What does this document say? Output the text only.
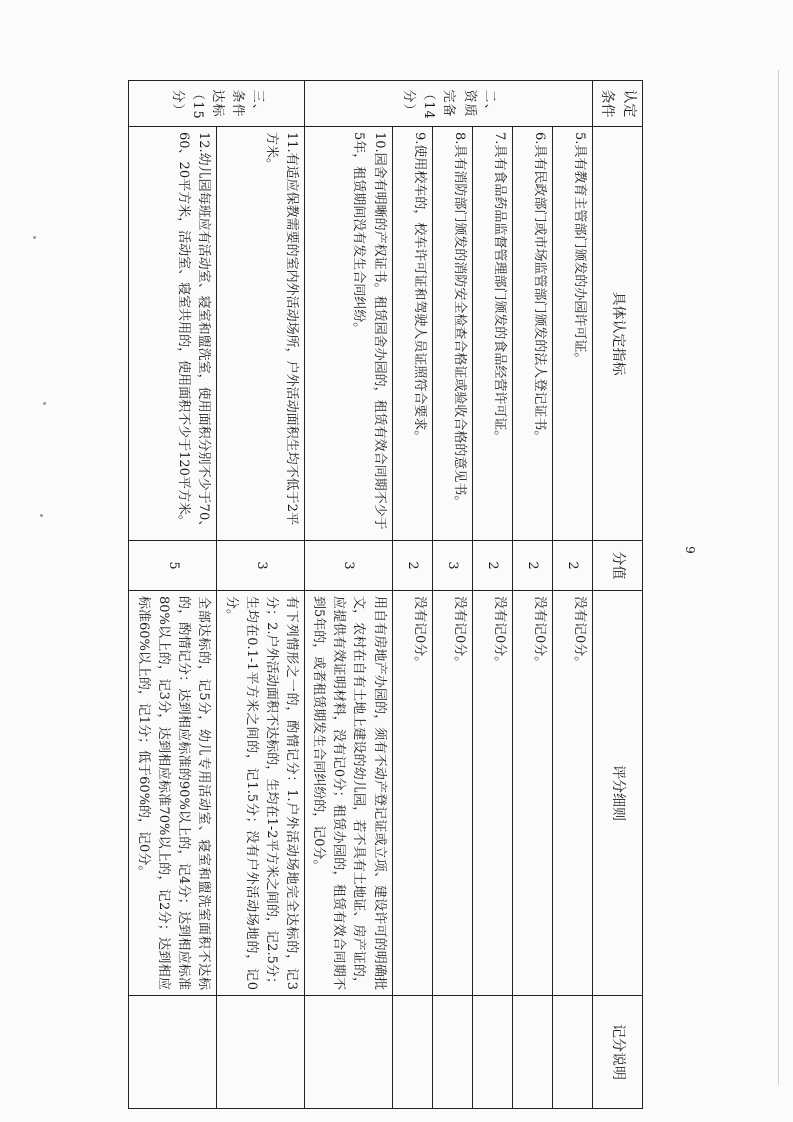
9
认定条件	具体认定指标	分值	评分细则	记分说明
二、资质完备（14分）	5.具有教育主管部门颁发的办园许可证。	2	没有记0分。	
	6.具有民政部门或市场监管部门颁发的法人登记证书。	2	没有记0分。	
	7.具有食品药品监督管理部门颁发的食品经营许可证。	2	没有记0分。	
	8.具有消防部门颁发的消防安全检查合格证或验收合格的意见书。	3	没有记0分。	
	9.使用校车的，校车许可证和驾驶人员证照符合要求。	2	没有记0分。	
	10.园舍有明晰的产权证书。租赁园舍办园的，租赁有效合同期不少于5年，租赁期间没有发生合同纠纷。	3	用自有房地产办园的，须有不动产登记证或立项、建设许可的明确批文，农村在自有土地上建设的幼儿园，若不具有土地证、房产证的，应提供有效证明材料，没有记0分；租赁办园的，租赁有效合同期不到5年的，或者租赁期发生合同纠纷的，记0分。	
三、条件达标（15分）	11.有适应保教需要的室内外活动场所，户外活动面积生均不低于2平方米。	3	有下列情形之一的，酌情记分：1.户外活动场地完全达标的，记3分；2.户外活动面积不达标的，生均在1-2平方米之间的，记2.5分；生均在0.1-1平方米之间的，记1.5分；没有户外活动场地的，记0分。	
	12.幼儿园每班应有活动室、寝室和盥洗室，使用面积分别不少于70、60、20平方米，活动室、寝室共用的，使用面积不少于120平方米。	5	全部达标的，记5分，幼儿专用活动室、寝室和盥洗室面积不达标的，酌情记分：达到相应标准的90%以上的，记4分；达到相应标准80%以上的，记3分，达到相应标准70%以上的，记2分；达到相应标准60%以上的，记1分；低于60%的，记0分。	
